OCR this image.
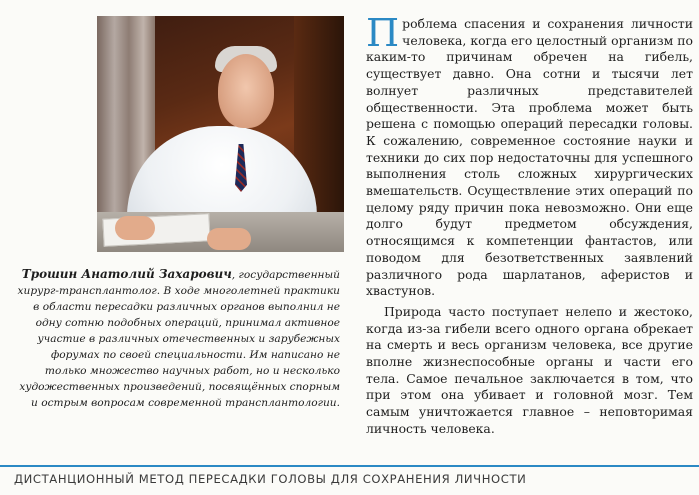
Трошин Анатолий Захарович, государственный хирург-трансплантолог. В ходе многолетней практики в области пересадки различных органов выполнил не одну сотню подобных операций, принимал активное участие в различных отечественных и зарубежных форумах по своей специальности. Им написано не только множество научных работ, но и несколько художественных произведений, посвящённых спорным и острым вопросам современной трансплантологии.

Проблема спасения и сохранения личности человека, когда его целостный организм по каким-то причинам обречен на гибель, существует давно. Она сотни и тысячи лет волнует различных представителей общественности. Эта проблема может быть решена с помощью операций пересадки головы. К сожалению, современное состояние науки и техники до сих пор недостаточны для успешного выполнения столь сложных хирургических вмешательств. Осуществление этих операций по целому ряду причин пока невозможно. Они еще долго будут предметом обсуждения, относящимся к компетенции фантастов, или поводом для безответственных заявлений различного рода шарлатанов, аферистов и хвастунов.

Природа часто поступает нелепо и жестоко, когда из-за гибели всего одного органа обрекает на смерть и весь организм человека, все другие вполне жизнеспособные органы и части его тела. Самое печальное заключается в том, что при этом она убивает и головной мозг. Тем самым уничтожается главное – неповторимая личность человека.

ДИСТАНЦИОННЫЙ МЕТОД ПЕРЕСАДКИ ГОЛОВЫ ДЛЯ СОХРАНЕНИЯ ЛИЧНОСТИ
